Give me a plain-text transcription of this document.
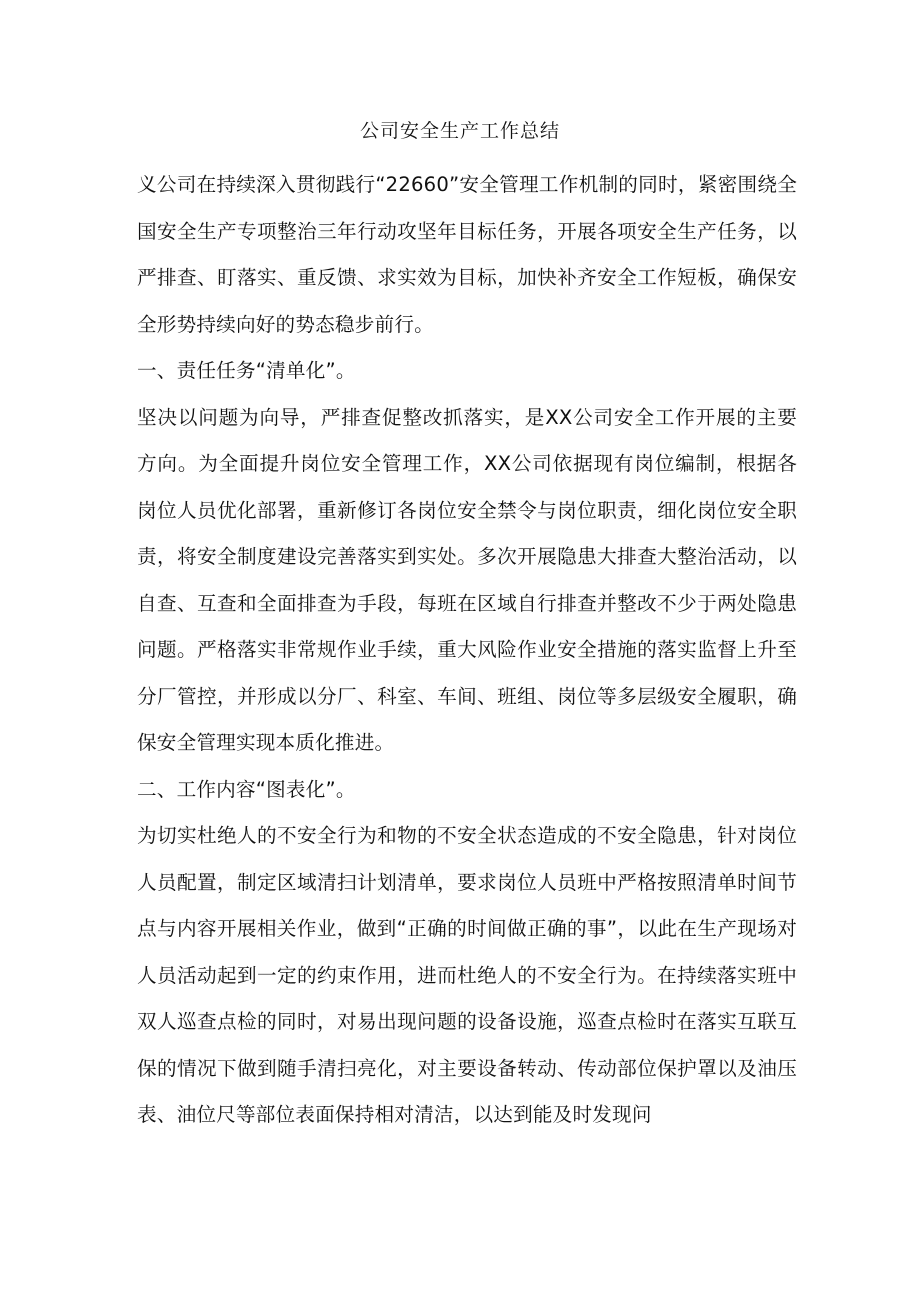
公司安全生产工作总结

义公司在持续深入贯彻践行“22660”安全管理工作机制的同时，紧密围绕全国安全生产专项整治三年行动攻坚年目标任务，开展各项安全生产任务，以严排查、盯落实、重反馈、求实效为目标，加快补齐安全工作短板，确保安全形势持续向好的势态稳步前行。

一、责任任务“清单化”。

坚决以问题为向导，严排查促整改抓落实，是XX公司安全工作开展的主要方向。为全面提升岗位安全管理工作，XX公司依据现有岗位编制，根据各岗位人员优化部署，重新修订各岗位安全禁令与岗位职责，细化岗位安全职责，将安全制度建设完善落实到实处。多次开展隐患大排查大整治活动，以自查、互查和全面排查为手段，每班在区域自行排查并整改不少于两处隐患问题。严格落实非常规作业手续，重大风险作业安全措施的落实监督上升至分厂管控，并形成以分厂、科室、车间、班组、岗位等多层级安全履职，确保安全管理实现本质化推进。

二、工作内容“图表化”。

为切实杜绝人的不安全行为和物的不安全状态造成的不安全隐患，针对岗位人员配置，制定区域清扫计划清单，要求岗位人员班中严格按照清单时间节点与内容开展相关作业，做到“正确的时间做正确的事”，以此在生产现场对人员活动起到一定的约束作用，进而杜绝人的不安全行为。在持续落实班中双人巡查点检的同时，对易出现问题的设备设施，巡查点检时在落实互联互保的情况下做到随手清扫亮化，对主要设备转动、传动部位保护罩以及油压表、油位尺等部位表面保持相对清洁，以达到能及时发现问
